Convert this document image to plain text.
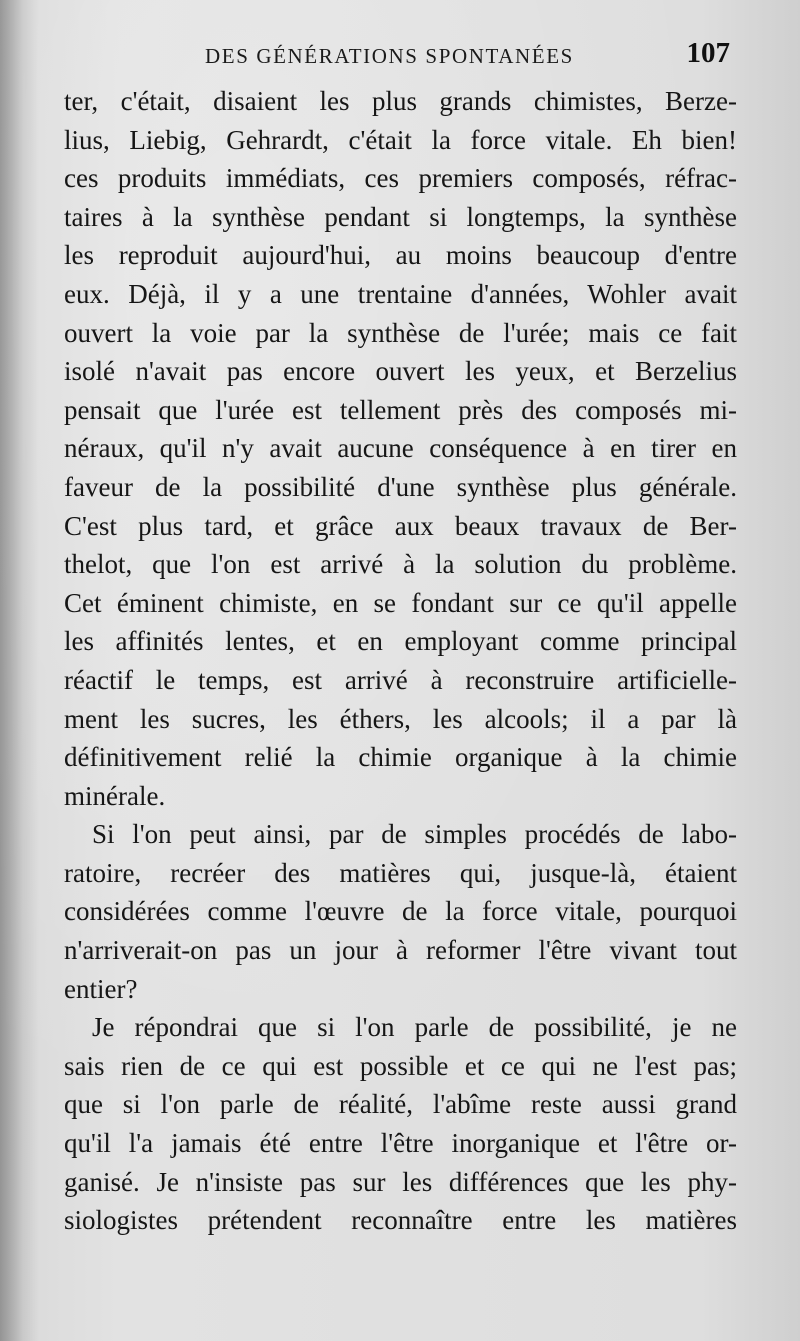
DES GÉNÉRATIONS SPONTANÉES	107
ter, c'était, disaient les plus grands chimistes, Berze-
lius, Liebig, Gehrardt, c'était la force vitale. Eh bien!
ces produits immédiats, ces premiers composés, réfrac-
taires à la synthèse pendant si longtemps, la synthèse
les reproduit aujourd'hui, au moins beaucoup d'entre
eux. Déjà, il y a une trentaine d'années, Wohler avait
ouvert la voie par la synthèse de l'urée; mais ce fait
isolé n'avait pas encore ouvert les yeux, et Berzelius
pensait que l'urée est tellement près des composés mi-
néraux, qu'il n'y avait aucune conséquence à en tirer en
faveur de la possibilité d'une synthèse plus générale.
C'est plus tard, et grâce aux beaux travaux de Ber-
thelot, que l'on est arrivé à la solution du problème.
Cet éminent chimiste, en se fondant sur ce qu'il appelle
les affinités lentes, et en employant comme principal
réactif le temps, est arrivé à reconstruire artificielle-
ment les sucres, les éthers, les alcools; il a par là
définitivement relié la chimie organique à la chimie
minérale.
Si l'on peut ainsi, par de simples procédés de labo-
ratoire, recréer des matières qui, jusque-là, étaient
considérées comme l'œuvre de la force vitale, pourquoi
n'arriverait-on pas un jour à reformer l'être vivant tout
entier?
Je répondrai que si l'on parle de possibilité, je ne
sais rien de ce qui est possible et ce qui ne l'est pas;
que si l'on parle de réalité, l'abîme reste aussi grand
qu'il l'a jamais été entre l'être inorganique et l'être or-
ganisé. Je n'insiste pas sur les différences que les phy-
siologistes prétendent reconnaître entre les matières
